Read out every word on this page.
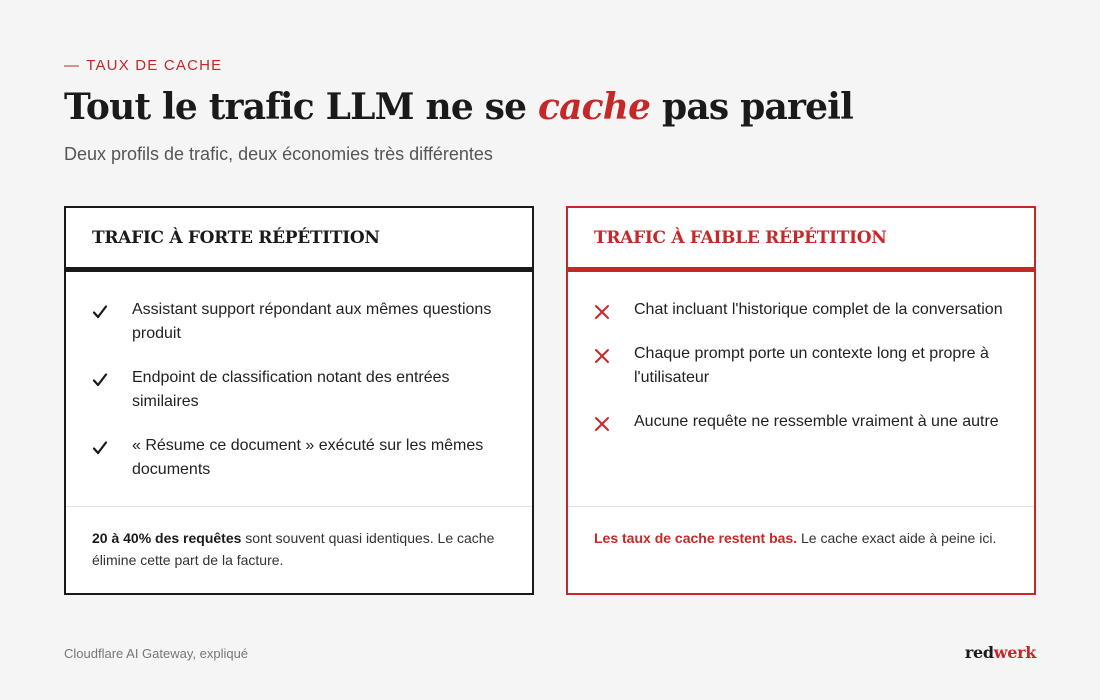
— TAUX DE CACHE
Tout le trafic LLM ne se cache pas pareil
Deux profils de trafic, deux économies très différentes
TRAFIC À FORTE RÉPÉTITION
Assistant support répondant aux mêmes questions produit
Endpoint de classification notant des entrées similaires
« Résume ce document » exécuté sur les mêmes documents
20 à 40% des requêtes sont souvent quasi identiques. Le cache élimine cette part de la facture.
TRAFIC À FAIBLE RÉPÉTITION
Chat incluant l'historique complet de la conversation
Chaque prompt porte un contexte long et propre à l'utilisateur
Aucune requête ne ressemble vraiment à une autre
Les taux de cache restent bas. Le cache exact aide à peine ici.
Cloudflare AI Gateway, expliqué	redwerk
